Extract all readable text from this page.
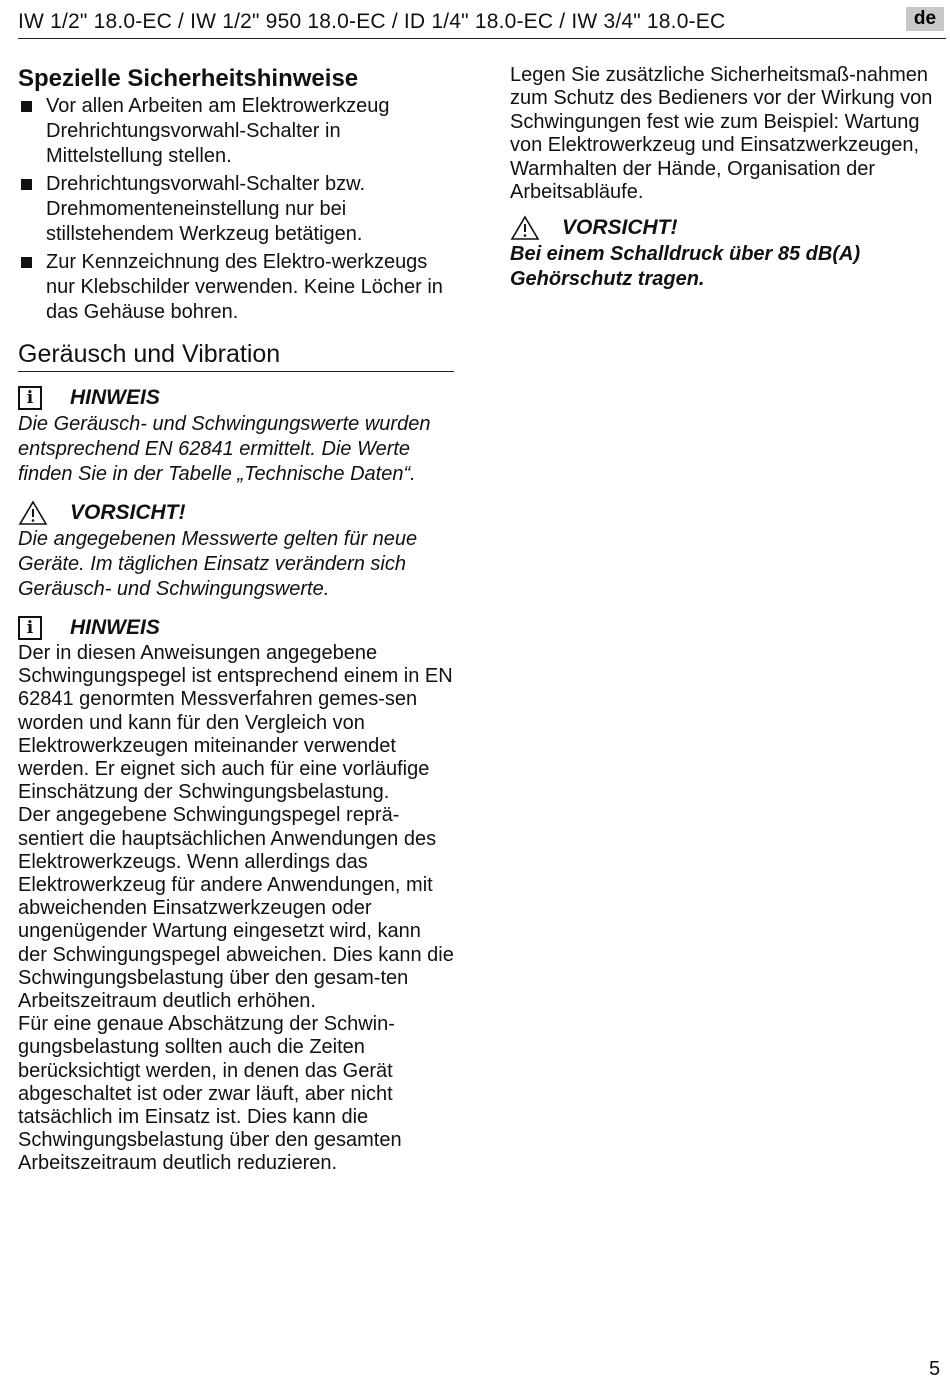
IW 1/2" 18.0-EC / IW 1/2" 950 18.0-EC / ID 1/4" 18.0-EC / IW 3/4" 18.0-EC	de
Spezielle Sicherheitshinweise
Vor allen Arbeiten am Elektrowerkzeug Drehrichtungsvorwahl-Schalter in Mittelstellung stellen.
Drehrichtungsvorwahl-Schalter bzw. Drehmomenteneinstellung nur bei stillstehendem Werkzeug betätigen.
Zur Kennzeichnung des Elektro-werkzeugs nur Klebschilder verwenden. Keine Löcher in das Gehäuse bohren.
Geräusch und Vibration
i	HINWEIS

Die Geräusch- und Schwingungswerte wurden entsprechend EN 62841 ermittelt. Die Werte finden Sie in der Tabelle „Technische Daten“.

VORSICHT!

Die angegebenen Messwerte gelten für neue Geräte. Im täglichen Einsatz verändern sich Geräusch- und Schwingungswerte.

i	HINWEIS

Der in diesen Anweisungen angegebene Schwingungspegel ist entsprechend einem in EN 62841 genormten Messverfahren gemes-sen worden und kann für den Vergleich von Elektrowerkzeugen miteinander verwendet werden. Er eignet sich auch für eine vorläufige Einschätzung der Schwingungsbelastung.

Der angegebene Schwingungspegel reprä-sentiert die hauptsächlichen Anwendungen des Elektrowerkzeugs. Wenn allerdings das Elektrowerkzeug für andere Anwendungen, mit abweichenden Einsatzwerkzeugen oder ungenügender Wartung eingesetzt wird, kann der Schwingungspegel abweichen. Dies kann die Schwingungsbelastung über den gesam-ten Arbeitszeitraum deutlich erhöhen.

Für eine genaue Abschätzung der Schwin-gungsbelastung sollten auch die Zeiten berücksichtigt werden, in denen das Gerät abgeschaltet ist oder zwar läuft, aber nicht tatsächlich im Einsatz ist. Dies kann die Schwingungsbelastung über den gesamten Arbeitszeitraum deutlich reduzieren.

Legen Sie zusätzliche Sicherheitsmaß-nahmen zum Schutz des Bedieners vor der Wirkung von Schwingungen fest wie zum Beispiel: Wartung von Elektrowerkzeug und Einsatzwerkzeugen, Warmhalten der Hände, Organisation der Arbeitsabläufe.

VORSICHT!

Bei einem Schalldruck über 85 dB(A) Gehörschutz tragen.

5
